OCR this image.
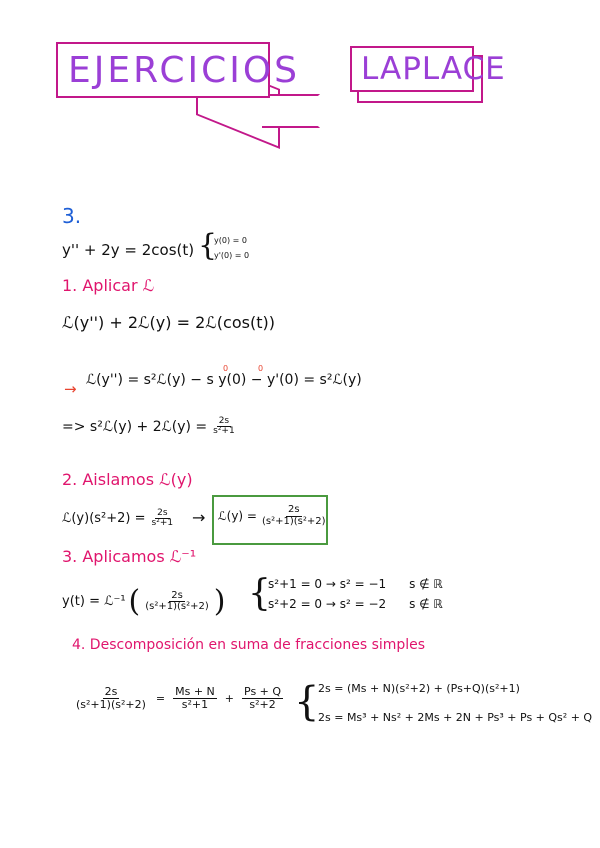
EJERCICIOS LAPLACE
3.
y'' + 2y = 2cos(t) {
y(0) = 0
y'(0) = 0
1. Aplicar ℒ
ℒ(y'') + 2ℒ(y) = 2ℒ(cos(t))
→ ℒ(y'') = s²ℒ(y) − s y(0) − y'(0) = s²ℒ(y)
0	0
=> s²ℒ(y) + 2ℒ(y) = $\frac{2s}{\text{s²+1}}$
2. Aislamos ℒ(y)
ℒ(y)(s²+2) = $\frac{2s}{\text{s²+1}}$ → ℒ(y) = $\frac{2s}{\text{(s²+1)(s²+2)}}$
3. Aplicamos ℒ⁻¹
y(t) = ℒ⁻¹ ( $\frac{2s}{\text{(s²+1)(s²+2)}}$ ) {
s²+1 = 0 → s² = −1      s ∉ ℝ
s²+2 = 0 → s² = −2      s ∉ ℝ
4. Descomposición en suma de fracciones simples
$\frac{2s}{\text{(s²+1)(s²+2)}} = \frac{Ms + N}{\text{s²+1}} + \frac{Ps + Q}{\text{s²+2}}$ {
2s = (Ms + N)(s²+2) + (Ps+Q)(s²+1)
2s = Ms³ + Ns² + 2Ms + 2N + Ps³ + Ps + Qs² + Q
